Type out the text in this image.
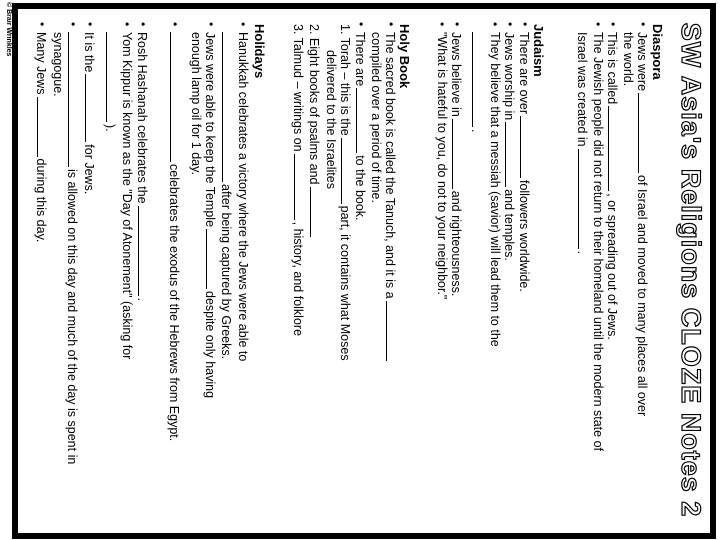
SW Asia's Religions CLOZE Notes 2
Diaspora
•
Jews wereof Israel and moved to many places all over
the world.
•
This is called, or spreading out of Jews.
•
The Jewish people did not return to their homeland until the modern state of
Israel was created in.
Judaism
•
There are overfollowers worldwide.
•
Jews worship inand temples.
•
They believe that a messiah (savior) will lead them to the
.
•
Jews believe inand righteousness.
•
"What is hateful to you, do not to your neighbor."
Holy Book
•
The sacred book is called the Tanuch, and it is a
compiled over a period of time.
•
There areto the book.
1. Torah – this is thepart, it contains what Moses
delivered to the Israelites
2. Eight books of psalms and
3. Talmud – writings on, history, and folklore
Holidays
•
Hanukkah celebrates a victory where the Jews were able to
after being captured by Greeks.
•
Jews were able to keep the Templedespite only having
enough lamp oil for 1 day.
•
celebrates the exodus of the Hebrews from Egypt.
•
Rosh Hashanah celebrates the.
•
Yom Kippur is known as the "Day of Atonement" (asking for
).
•
It is thefor Jews.
•
is allowed on this day and much of the day is spent in
synagogue.
•
Many Jewsduring this day.
© Brair Wrinkles
